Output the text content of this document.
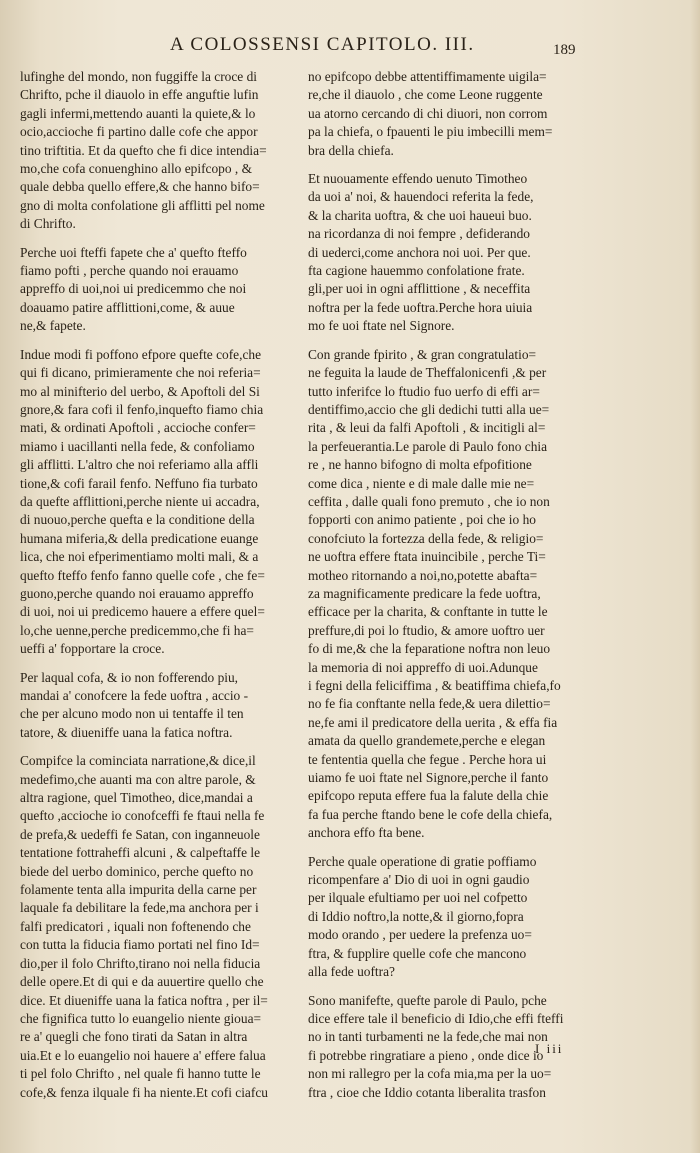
A COLOSSENSI CAPITOLO. III.	189
lufinghe del mondo, non fuggiffe la croce di
Chrifto, pche il diauolo in effe anguftie lufin
gagli infermi,mettendo auanti la quiete,& lo
ocio,accioche fi partino dalle cofe che appor
tino triftitia. Et da quefto che fi dice intendia=
mo,che cofa conuenghino allo epifcopo , &
quale debba quello effere,& che hanno bifo=
gno di molta confolatione gli afflitti pel nome
di Chrifto.
Perche uoi fteffi fapete che a' quefto fteffo
fiamo pofti , perche quando noi erauamo
appreffo di uoi,noi ui predicemmo che noi
doauamo patire afflittioni,come, & auue
ne,& fapete.
Indue modi fi poffono efpore quefte cofe,che
qui fi dicano, primieramente che noi referia=
mo al minifterio del uerbo, & Apoftoli del Si
gnore,& fara cofi il fenfo,inquefto fiamo chia
mati, & ordinati Apoftoli , accioche confer=
miamo i uacillanti nella fede, & confoliamo
gli afflitti. L'altro che noi referiamo alla affli
tione,& cofi farail fenfo. Neffuno fia turbato
da quefte afflittioni,perche niente ui accadra,
di nuouo,perche quefta e la conditione della
humana miferia,& della predicatione euange
lica, che noi efperimentiamo molti mali, & a
quefto fteffo fenfo fanno quelle cofe , che fe=
guono,perche quando noi erauamo appreffo
di uoi, noi ui predicemo hauere a effere quel=
lo,che uenne,perche predicemmo,che fi ha=
ueffi a' fopportare la croce.
Per laqual cofa, & io non fofferendo piu,
mandai a' conofcere la fede uoftra , accio -
che per alcuno modo non ui tentaffe il ten
tatore, & diueniffe uana la fatica noftra.
Compifce la cominciata narratione,& dice,il
medefimo,che auanti ma con altre parole, &
altra ragione, quel Timotheo, dice,mandai a
quefto ,accioche io conofceffi fe ftaui nella fe
de prefa,& uedeffi fe Satan, con inganneuole
tentatione fottraheffi alcuni , & calpeftaffe le
biede del uerbo dominico, perche quefto no
folamente tenta alla impurita della carne per
laquale fa debilitare la fede,ma anchora per i
falfi predicatori , iquali non foftenendo che
con tutta la fiducia fiamo portati nel fino Id=
dio,per il folo Chrifto,tirano noi nella fiducia
delle opere.Et di qui e da auuertire quello che
dice. Et diueniffe uana la fatica noftra , per il=
che fignifica tutto lo euangelio niente gioua=
re a' quegli che fono tirati da Satan in altra
uia.Et e lo euangelio noi hauere a' effere falua
ti pel folo Chrifto , nel quale fi hanno tutte le
cofe,& fenza ilquale fi ha niente.Et cofi ciafcu
no epifcopo debbe attentiffimamente uigila=
re,che il diauolo , che come Leone ruggente
ua atorno cercando di chi diuori, non corrom
pa la chiefa, o fpauenti le piu imbecilli mem=
bra della chiefa.
Et nuouamente effendo uenuto Timotheo
da uoi a' noi, & hauendoci referita la fede,
& la charita uoftra, & che uoi haueui buo.
na ricordanza di noi fempre , defiderando
di uederci,come anchora noi uoi. Per que.
fta cagione hauemmo confolatione frate.
gli,per uoi in ogni afflittione , & neceffita
noftra per la fede uoftra.Perche hora uiuia
mo fe uoi ftate nel Signore.
Con grande fpirito , & gran congratulatio=
ne feguita la laude de Theffalonicenfi ,& per
tutto inferifce lo ftudio fuo uerfo di effi ar=
dentiffimo,accio che gli dedichi tutti alla ue=
rita , & leui da falfi Apoftoli , & incitigli al=
la perfeuerantia.Le parole di Paulo fono chia
re , ne hanno bifogno di molta efpofitione
come dica , niente e di male dalle mie ne=
ceffita , dalle quali fono premuto , che io non
fopporti con animo patiente , poi che io ho
conofciuto la fortezza della fede, & religio=
ne uoftra effere ftata inuincibile , perche Ti=
motheo ritornando a noi,no,potette abafta=
za magnificamente predicare la fede uoftra,
efficace per la charita, & conftante in tutte le
preffure,di poi lo ftudio, & amore uoftro uer
fo di me,& che la feparatione noftra non leuo
la memoria di noi appreffo di uoi.Adunque
i fegni della feliciffima , & beatiffima chiefa,fo
no fe fia conftante nella fede,& uera dilettio=
ne,fe ami il predicatore della uerita , & effa fia
amata da quello grandemete,perche e elegan
te fententia quella che fegue . Perche hora ui
uiamo fe uoi ftate nel Signore,perche il fanto
epifcopo reputa effere fua la falute della chie
fa fua perche ftando bene le cofe della chiefa,
anchora effo fta bene.
Perche quale operatione di gratie poffiamo
ricompenfare a' Dio di uoi in ogni gaudio
per ilquale efultiamo per uoi nel cofpetto
di Iddio noftro,la notte,& il giorno,fopra
modo orando , per uedere la prefenza uo=
ftra, & fupplire quelle cofe che mancono
alla fede uoftra?
Sono manifefte, quefte parole di Paulo, pche
dice effere tale il beneficio di Idio,che effi fteffi
no in tanti turbamenti ne la fede,che mai non
fi potrebbe ringratiare a pieno , onde dice io
non mi rallegro per la cofa mia,ma per la uo=
ftra , cioe che Iddio cotanta liberalita trasfon
I iii
